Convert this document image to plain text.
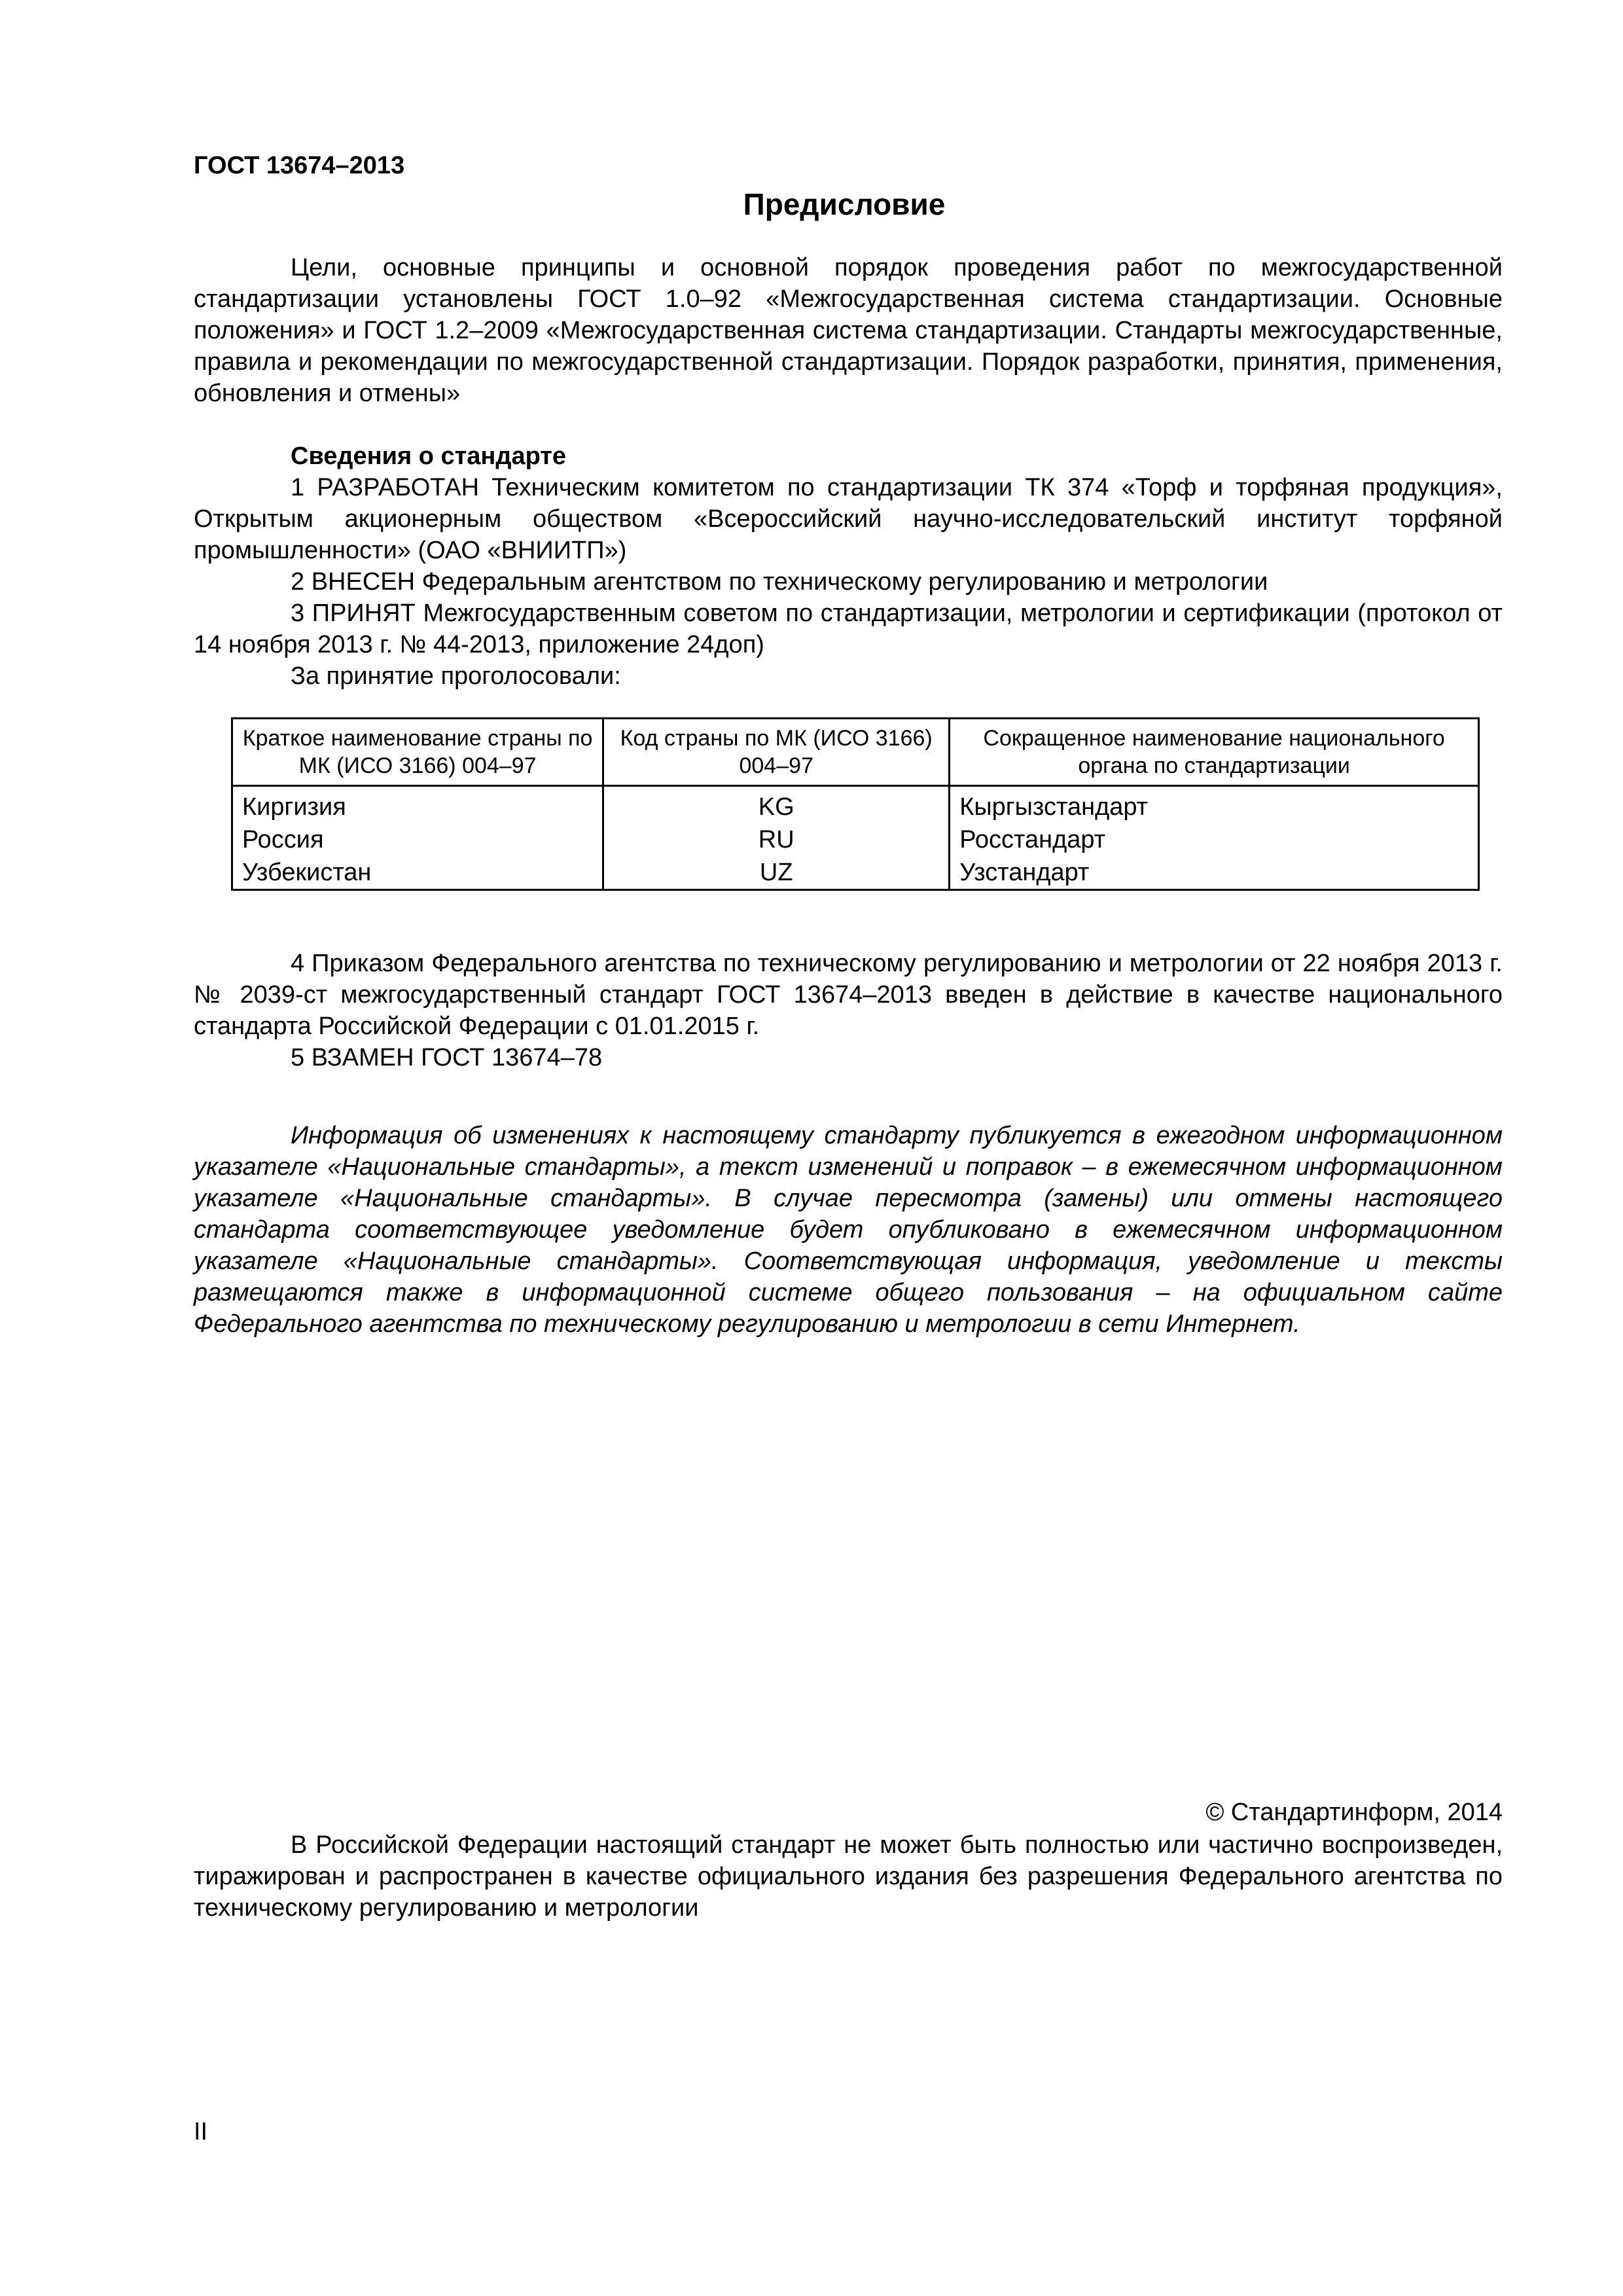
ГОСТ 13674–2013

Предисловие

Цели, основные принципы и основной порядок проведения работ по межгосударственной стандартизации установлены ГОСТ 1.0–92 «Межгосударственная система стандартизации. Основные положения» и ГОСТ 1.2–2009 «Межгосударственная система стандартизации. Стандарты межгосударственные, правила и рекомендации по межгосударственной стандартизации. Порядок разработки, принятия, применения, обновления и отмены»

Сведения о стандарте

1 РАЗРАБОТАН Техническим комитетом по стандартизации ТК 374 «Торф и торфяная продукция», Открытым акционерным обществом «Всероссийский научно-исследовательский институт торфяной промышленности» (ОАО «ВНИИТП»)

2 ВНЕСЕН Федеральным агентством по техническому регулированию и метрологии

3 ПРИНЯТ Межгосударственным советом по стандартизации, метрологии и сертификации (протокол от 14 ноября 2013 г. № 44-2013, приложение 24доп)

За принятие проголосовали:

Краткое наименование страны по МК (ИСО 3166) 004–97	Код страны по МК (ИСО 3166) 004–97	Сокращенное наименование национального органа по стандартизации
Киргизия	KG	Кыргызстандарт
Россия	RU	Росстандарт
Узбекистан	UZ	Узстандарт

4 Приказом Федерального агентства по техническому регулированию и метрологии от 22 ноября 2013 г. № 2039-ст межгосударственный стандарт ГОСТ 13674–2013 введен в действие в качестве национального стандарта Российской Федерации с 01.01.2015 г.

5 ВЗАМЕН ГОСТ 13674–78

Информация об изменениях к настоящему стандарту публикуется в ежегодном информационном указателе «Национальные стандарты», а текст изменений и поправок – в ежемесячном информационном указателе «Национальные стандарты». В случае пересмотра (замены) или отмены настоящего стандарта соответствующее уведомление будет опубликовано в ежемесячном информационном указателе «Национальные стандарты». Соответствующая информация, уведомление и тексты размещаются также в информационной системе общего пользования – на официальном сайте Федерального агентства по техническому регулированию и метрологии в сети Интернет.

© Стандартинформ, 2014

В Российской Федерации настоящий стандарт не может быть полностью или частично воспроизведен, тиражирован и распространен в качестве официального издания без разрешения Федерального агентства по техническому регулированию и метрологии

II
